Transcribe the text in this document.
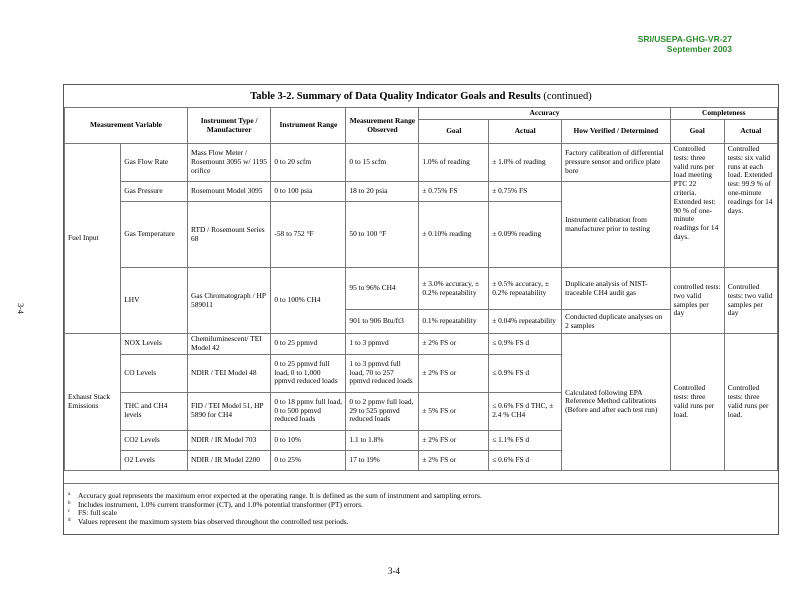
SRI/USEPA-GHG-VR-27
September 2003
3-4
Table 3-2. Summary of Data Quality Indicator Goals and Results (continued)
Measurement Variable		Instrument Type / Manufacturer	Instrument Range	Measurement Range Observed	Accuracy			Completeness	
					Goal	Actual	How Verified / Determined	Goal	Actual
Fuel Input	Gas Flow Rate	Mass Flow Meter / Rosemount 3095 w/ 1195 orifice	0 to 20 scfm	0 to 15 scfm	1.0% of reading	± 1.0% of reading	Factory calibration of differential pressure sensor and orifice plate bore	Controlled tests: three valid runs per load meeting PTC 22 criteria. Extended test: 90 % of one-minute readings for 14 days.	Controlled tests: six valid runs at each load. Extended test: 99.9 % of one-minute readings for 14 days.
	Gas Pressure	Rosemount Model 3095	0 to 100 psia	18 to 20 psia	± 0.75% FS	± 0.75% FS	Instrument calibration from manufacturer prior to testing		
	Gas Temperature	RTD / Rosemount Series 68	-58 to 752 °F	50 to 100 °F	± 0.10% reading	± 0.09% reading			
	LHV	Gas Chromatograph / HP 589011	0 to 100% CH4	95 to 96% CH4	± 3.0% accuracy, ± 0.2% repeatability	± 0.5% accuracy, ± 0.2% repeatability	Duplicate analysis of NIST-traceable CH4 audit gas	controlled tests: two valid samples per day	Controlled tests: two valid samples per day
				901 to 906 Btu/ft3	0.1% repeatability	± 0.04% repeatability	Conducted duplicate analyses on 2 samples		
Exhaust Stack Emissions	NOX Levels	Chemiluminescent/ TEI Model 42	0 to 25 ppmvd	1 to 3 ppmvd	± 2% FS or	≤ 0.9% FS d	Calculated following EPA Reference Method calibrations (Before and after each test run)	Controlled tests: three valid runs per load.	Controlled tests: three valid runs per load.
	CO Levels	NDIR / TEI Model 48	0 to 25 ppmvd full load, 0 to 1,000 ppmvd reduced loads	1 to 3 ppmvd full load, 70 to 257 ppmvd reduced loads	± 2% FS or	≤ 0.9% FS d			
	THC and CH4 levels	FID / TEI Model 51, HP 5890 for CH4	0 to 18 ppmv full load, 0 to 500 ppmvd reduced loads	0 to 2 ppmv full load, 29 to 525 ppmvd reduced loads	± 5% FS or	≤ 0.6% FS d THC, ± 2.4 % CH4			
	CO2 Levels	NDIR / IR Model 703	0 to 10%	1.1 to 1.8%	± 2% FS or	≤ 1.1% FS d			
	O2 Levels	NDIR / IR Model 2200	0 to 25%	17 to 19%	± 2% FS or	≤ 0.6% FS d			
a Accuracy goal represents the maximum error expected at the operating range. It is defined as the sum of instrument and sampling errors.
b Includes instrument, 1.0% current transformer (CT), and 1.0% potential transformer (PT) errors.
c FS: full scale
d Values represent the maximum system bias observed throughout the controlled test periods.
3-4
